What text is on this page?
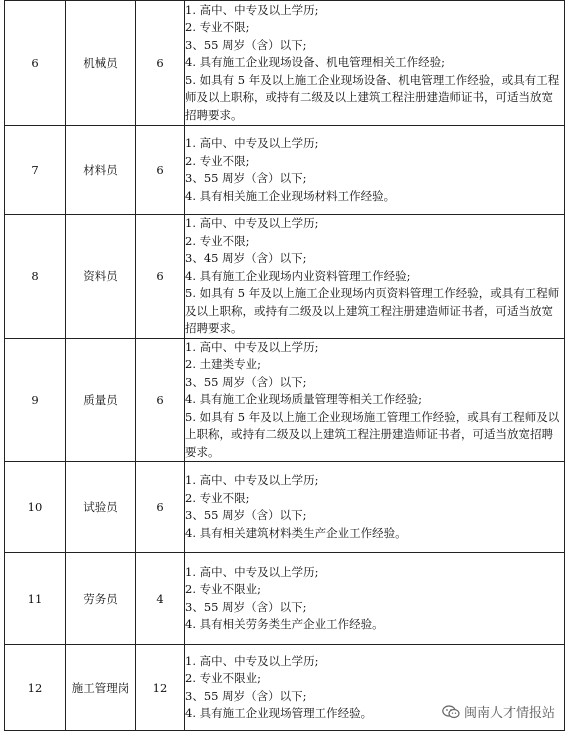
6	机械员	6	1. 高中、中专及以上学历;
2. 专业不限;
3、55 周岁（含）以下;
4. 具有施工企业现场设备、机电管理相关工作经验;
5. 如具有 5 年及以上施工企业现场设备、机电管理工作经验，或具有工程师及以上职称，或持有二级及以上建筑工程注册建造师证书，可适当放宽招聘要求。

7	材料员	6	1. 高中、中专及以上学历;
2. 专业不限;
3、55 周岁（含）以下;
4. 具有相关施工企业现场材料工作经验。

8	资料员	6	1. 高中、中专及以上学历;
2. 专业不限;
3、45 周岁（含）以下;
4. 具有施工企业现场内业资料管理工作经验;
5. 如具有 5 年及以上施工企业现场内页资料管理工作经验，或具有工程师及以上职称，或持有二级及以上建筑工程注册建造师证书者，可适当放宽招聘要求。

9	质量员	6	1. 高中、中专及以上学历;
2. 土建类专业;
3、55 周岁（含）以下;
4. 具有施工企业现场质量管理等相关工作经验;
5. 如具有 5 年及以上施工企业现场施工管理工作经验，或具有工程师及以上职称，或持有二级及以上建筑工程注册建造师证书者，可适当放宽招聘要求。

10	试验员	6	1. 高中、中专及以上学历;
2. 专业不限;
3、55 周岁（含）以下;
4. 具有相关建筑材料类生产企业工作经验。

11	劳务员	4	1. 高中、中专及以上学历;
2. 专业不限业;
3、55 周岁（含）以下;
4. 具有相关劳务类生产企业工作经验。

12	施工管理岗	12	1. 高中、中专及以上学历;
2. 专业不限业;
3、55 周岁（含）以下;
4. 具有施工企业现场管理工作经验。	闽南人才情报站
